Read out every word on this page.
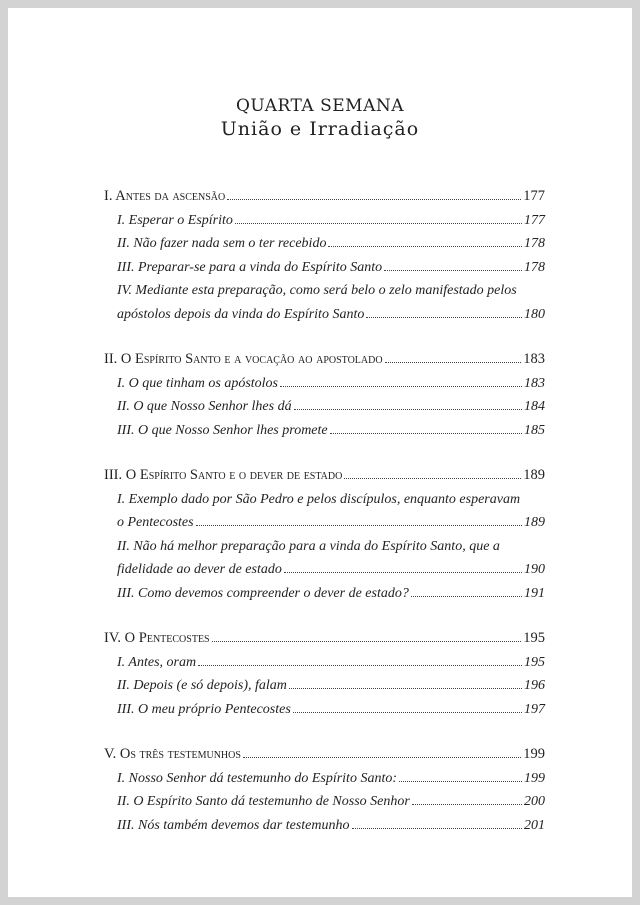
QUARTA SEMANA
União e Irradiação
I. Antes da ascensão	177
I. Esperar o Espírito	177
II. Não fazer nada sem o ter recebido	178
III. Preparar-se para a vinda do Espírito Santo	178
IV. Mediante esta preparação, como será belo o zelo manifestado pelos
apóstolos depois da vinda do Espírito Santo	180
II. O Espírito Santo e a vocação ao apostolado	183
I. O que tinham os apóstolos	183
II. O que Nosso Senhor lhes dá	184
III. O que Nosso Senhor lhes promete	185
III. O Espírito Santo e o dever de estado	189
I. Exemplo dado por São Pedro e pelos discípulos, enquanto esperavam
o Pentecostes	189
II. Não há melhor preparação para a vinda do Espírito Santo, que a
fidelidade ao dever de estado	190
III. Como devemos compreender o dever de estado?	191
IV. O Pentecostes	195
I. Antes, oram	195
II. Depois (e só depois), falam	196
III. O meu próprio Pentecostes	197
V. Os três testemunhos	199
I. Nosso Senhor dá testemunho do Espírito Santo:	199
II. O Espírito Santo dá testemunho de Nosso Senhor	200
III. Nós também devemos dar testemunho	201
